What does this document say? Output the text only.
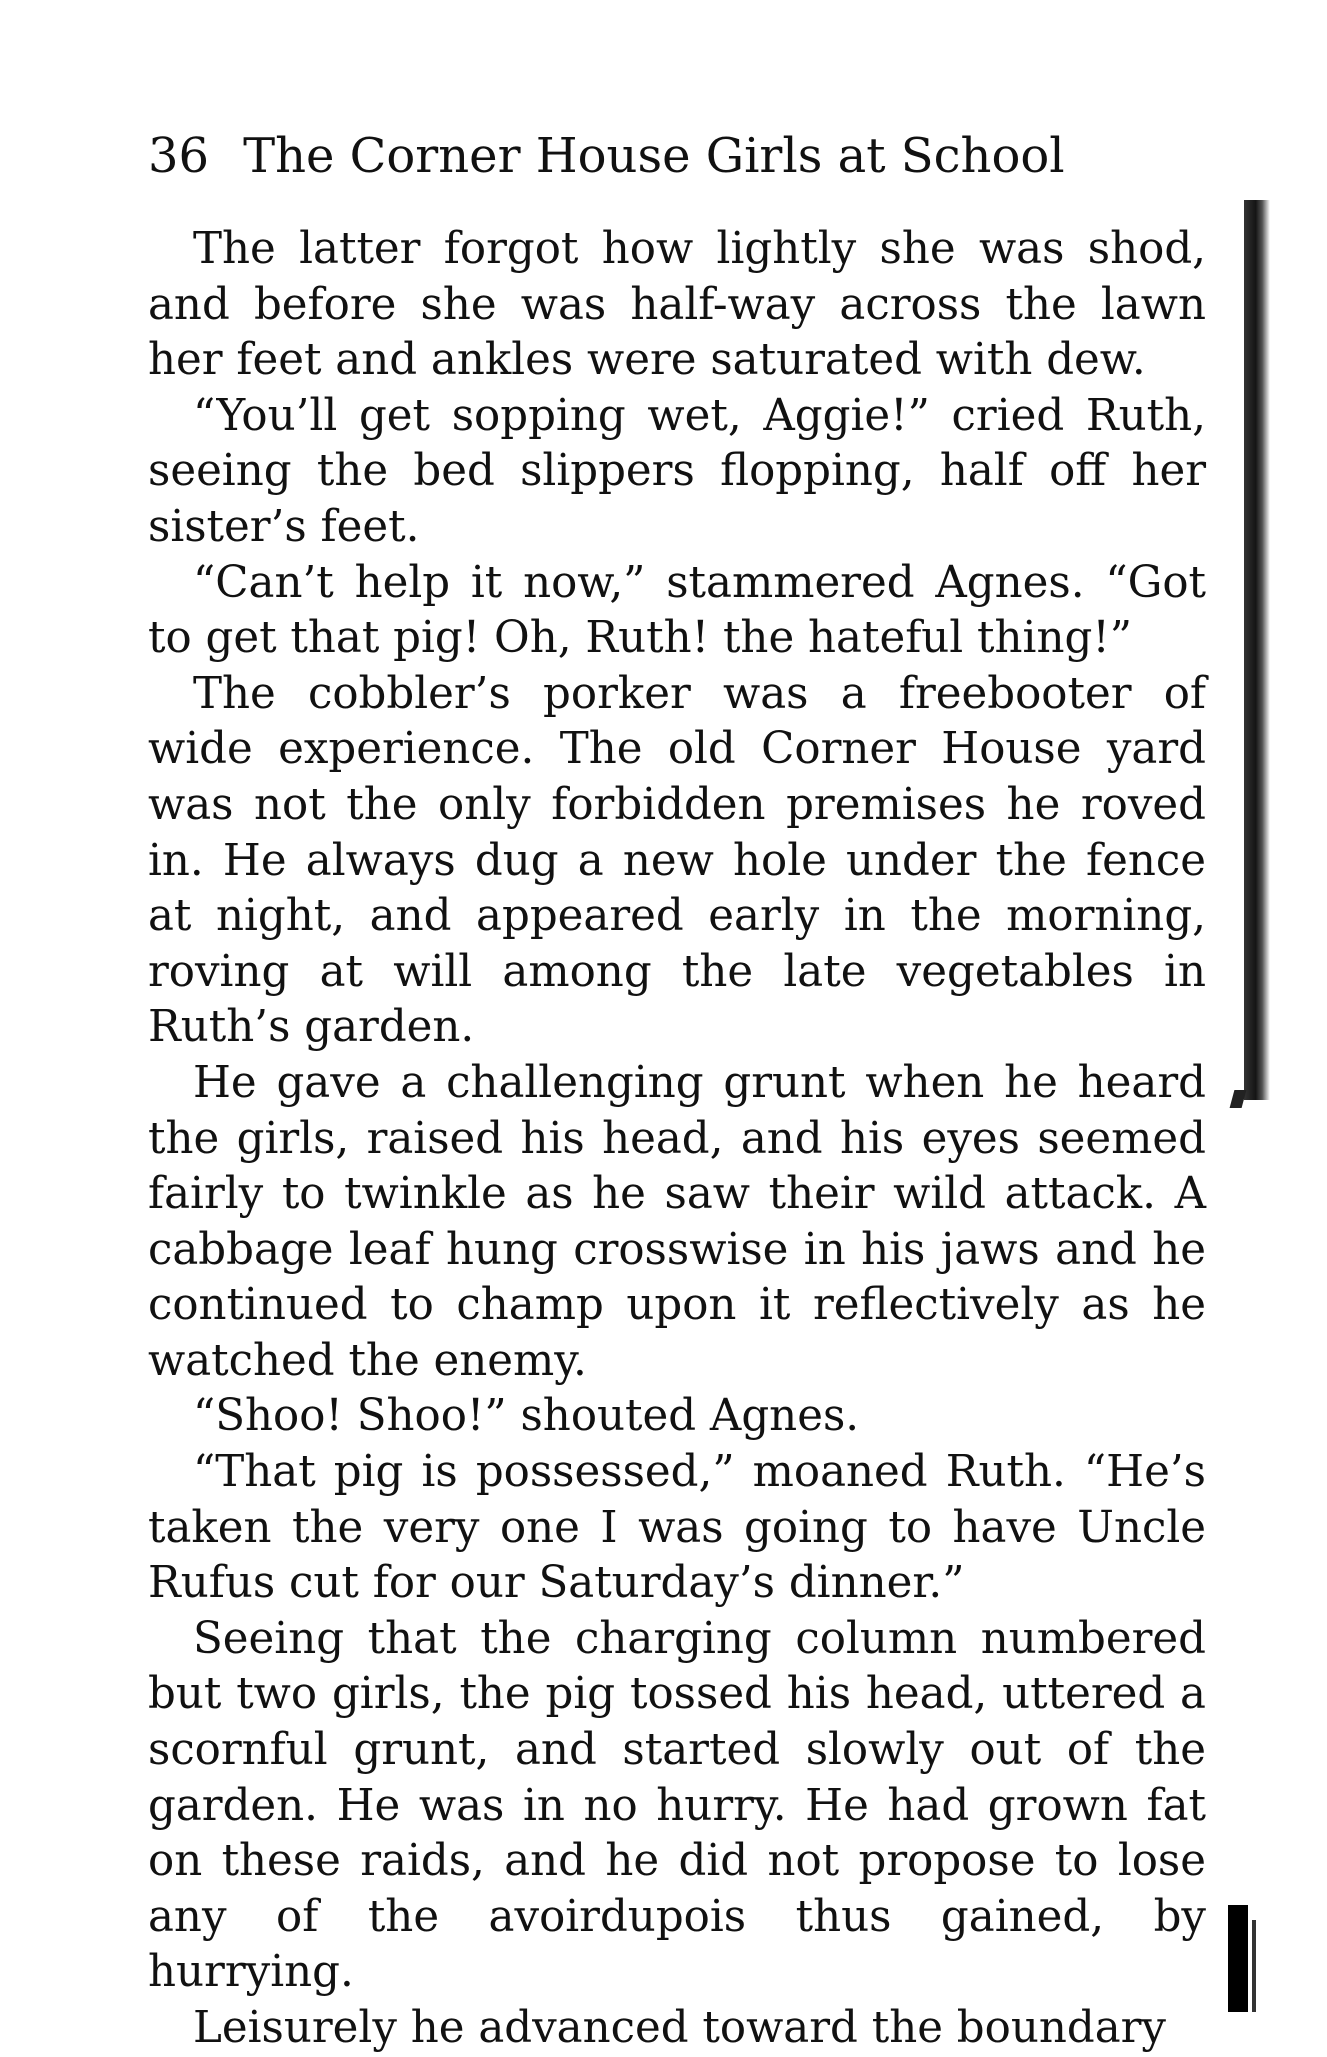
36 The Corner House Girls at School

The latter forgot how lightly she was shod, and before she was half-way across the lawn her feet and ankles were saturated with dew.

“You’ll get sopping wet, Aggie!” cried Ruth, seeing the bed slippers flopping, half off her sister’s feet.

“Can’t help it now,” stammered Agnes. “Got to get that pig! Oh, Ruth! the hateful thing!”

The cobbler’s porker was a freebooter of wide experience. The old Corner House yard was not the only forbidden premises he roved in. He always dug a new hole under the fence at night, and appeared early in the morning, roving at will among the late vegetables in Ruth’s garden.

He gave a challenging grunt when he heard the girls, raised his head, and his eyes seemed fairly to twinkle as he saw their wild attack. A cabbage leaf hung crosswise in his jaws and he continued to champ upon it reflectively as he watched the enemy.

“Shoo! Shoo!” shouted Agnes.

“That pig is possessed,” moaned Ruth. “He’s taken the very one I was going to have Uncle Rufus cut for our Saturday’s dinner.”

Seeing that the charging column numbered but two girls, the pig tossed his head, uttered a scornful grunt, and started slowly out of the garden. He was in no hurry. He had grown fat on these raids, and he did not propose to lose any of the avoirdupois thus gained, by hurrying.

Leisurely he advanced toward the boundary
